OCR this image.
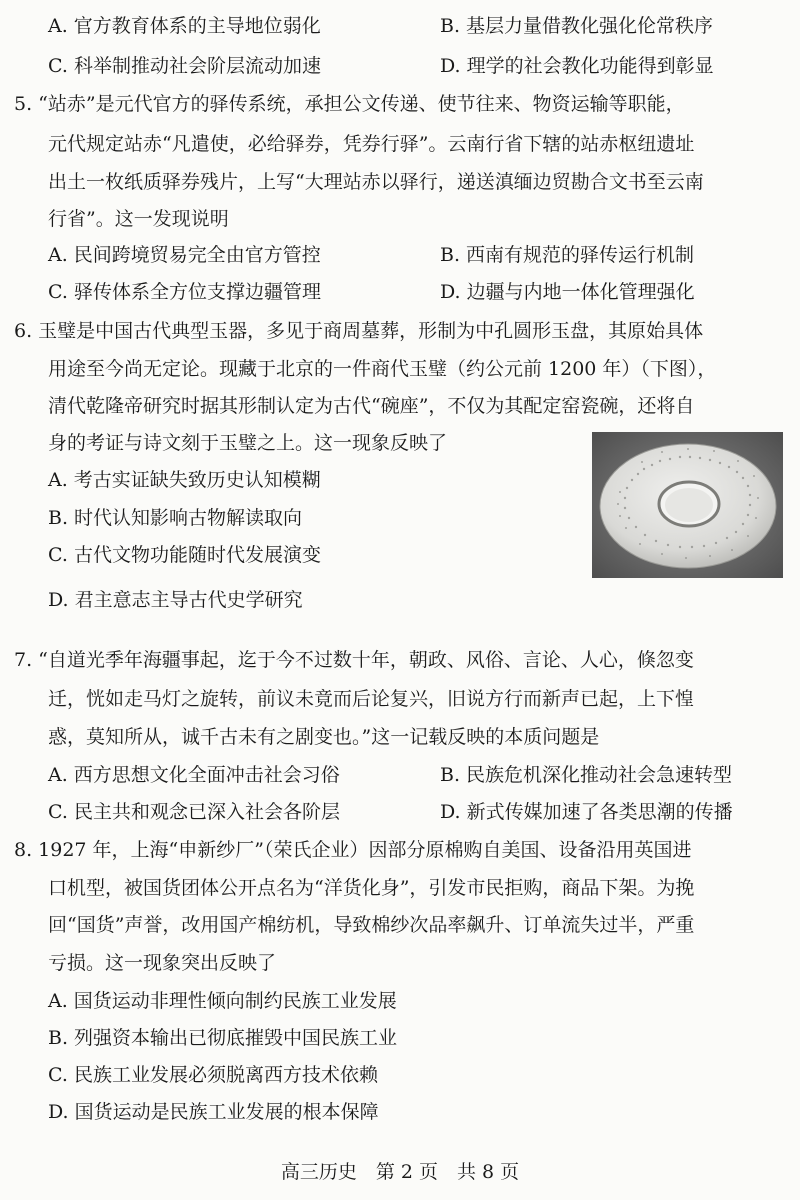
A. 官方教育体系的主导地位弱化	B. 基层力量借教化强化伦常秩序
C. 科举制推动社会阶层流动加速	D. 理学的社会教化功能得到彰显
5. “站赤”是元代官方的驿传系统，承担公文传递、使节往来、物资运输等职能，
元代规定站赤“凡遣使，必给驿券，凭券行驿”。云南行省下辖的站赤枢纽遗址
出土一枚纸质驿券残片，上写“大理站赤以驿行，递送滇缅边贸勘合文书至云南
行省”。这一发现说明
A. 民间跨境贸易完全由官方管控	B. 西南有规范的驿传运行机制
C. 驿传体系全方位支撑边疆管理	D. 边疆与内地一体化管理强化
6. 玉璧是中国古代典型玉器，多见于商周墓葬，形制为中孔圆形玉盘，其原始具体
用途至今尚无定论。现藏于北京的一件商代玉璧（约公元前 1200 年）（下图），
清代乾隆帝研究时据其形制认定为古代“碗座”，不仅为其配定窑瓷碗，还将自
身的考证与诗文刻于玉璧之上。这一现象反映了
A. 考古实证缺失致历史认知模糊
B. 时代认知影响古物解读取向
C. 古代文物功能随时代发展演变
D. 君主意志主导古代史学研究
7. “自道光季年海疆事起，迄于今不过数十年，朝政、风俗、言论、人心，倏忽变
迁，恍如走马灯之旋转，前议未竟而后论复兴，旧说方行而新声已起，上下惶
惑，莫知所从，诚千古未有之剧变也。”这一记载反映的本质问题是
A. 西方思想文化全面冲击社会习俗	B. 民族危机深化推动社会急速转型
C. 民主共和观念已深入社会各阶层	D. 新式传媒加速了各类思潮的传播
8. 1927 年，上海“申新纱厂”（荣氏企业）因部分原棉购自美国、设备沿用英国进
口机型，被国货团体公开点名为“洋货化身”，引发市民拒购，商品下架。为挽
回“国货”声誉，改用国产棉纺机，导致棉纱次品率飙升、订单流失过半，严重
亏损。这一现象突出反映了
A. 国货运动非理性倾向制约民族工业发展
B. 列强资本输出已彻底摧毁中国民族工业
C. 民族工业发展必须脱离西方技术依赖
D. 国货运动是民族工业发展的根本保障
高三历史　第 2 页　共 8 页
